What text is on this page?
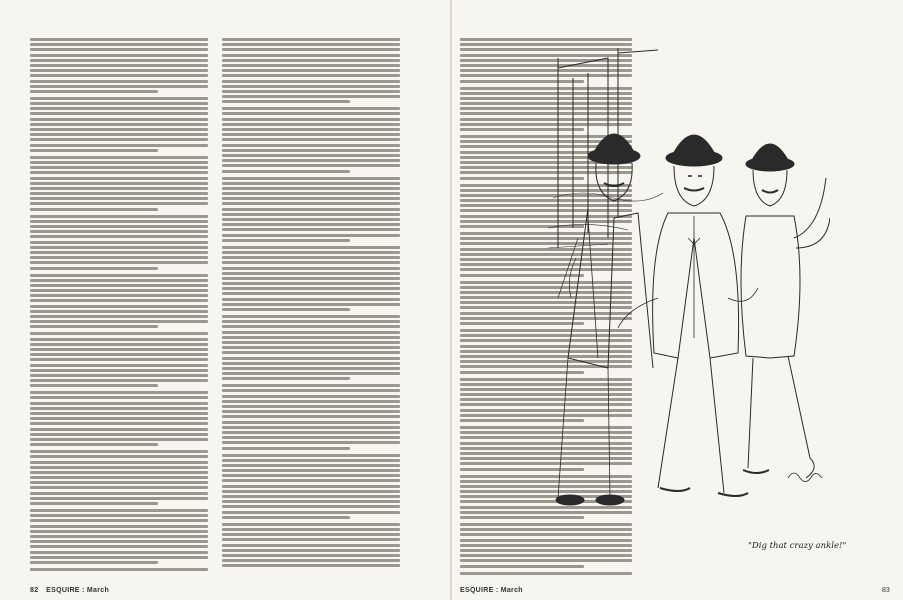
82 ESQUIRE : March	ESQUIRE : March	83
"Dig that crazy ankle!"
